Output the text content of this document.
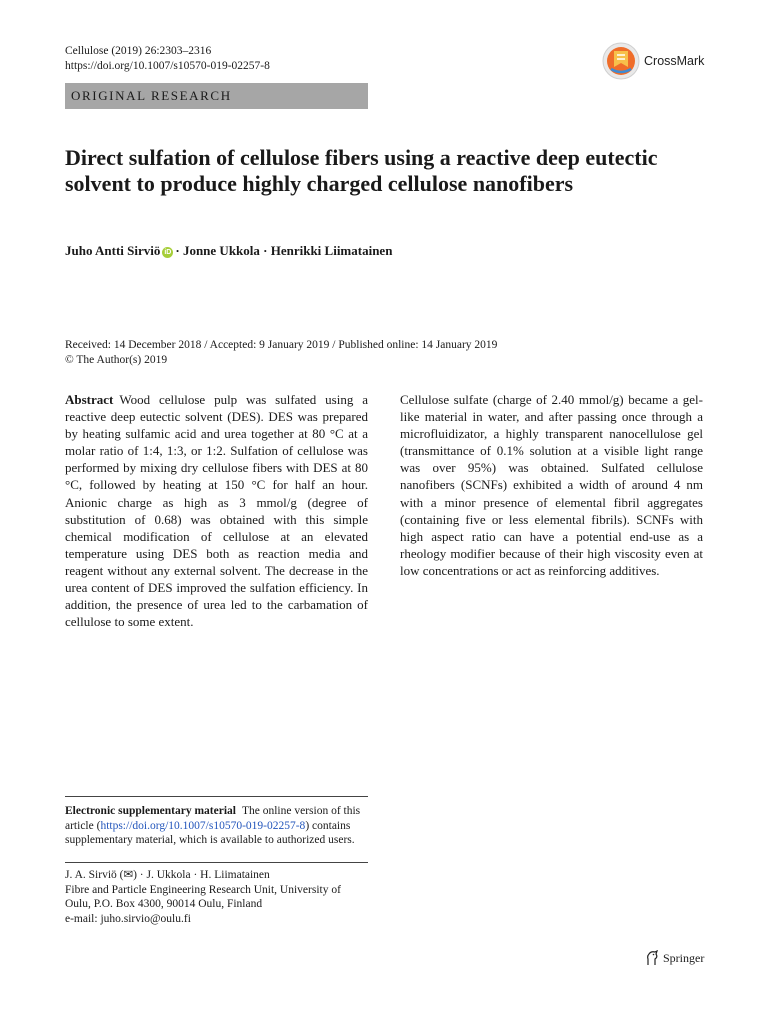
Cellulose (2019) 26:2303–2316
https://doi.org/10.1007/s10570-019-02257-8	CrossMark
ORIGINAL RESEARCH
Direct sulfation of cellulose fibers using a reactive deep eutectic solvent to produce highly charged cellulose nanofibers
Juho Antti Sirviö iD · Jonne Ukkola · Henrikki Liimatainen
Received: 14 December 2018 / Accepted: 9 January 2019 / Published online: 14 January 2019
© The Author(s) 2019
Abstract Wood cellulose pulp was sulfated using a reactive deep eutectic solvent (DES). DES was prepared by heating sulfamic acid and urea together at 80 °C at a molar ratio of 1:4, 1:3, or 1:2. Sulfation of cellulose was performed by mixing dry cellulose fibers with DES at 80 °C, followed by heating at 150 °C for half an hour. Anionic charge as high as 3 mmol/g (degree of substitution of 0.68) was obtained with this simple chemical modification of cellulose at an elevated temperature using DES both as reaction media and reagent without any external solvent. The decrease in the urea content of DES improved the sulfation efficiency. In addition, the presence of urea led to the carbamation of cellulose to some extent.
Cellulose sulfate (charge of 2.40 mmol/g) became a gel-like material in water, and after passing once through a microfluidizator, a highly transparent nanocellulose gel (transmittance of 0.1% solution at a visible light range was over 95%) was obtained. Sulfated cellulose nanofibers (SCNFs) exhibited a width of around 4 nm with a minor presence of elemental fibril aggregates (containing five or less elemental fibrils). SCNFs with high aspect ratio can have a potential end-use as a rheology modifier because of their high viscosity even at low concentrations or act as reinforcing additives.
Electronic supplementary material The online version of this article (https://doi.org/10.1007/s10570-019-02257-8) contains supplementary material, which is available to authorized users.
J. A. Sirviö (✉) · J. Ukkola · H. Liimatainen
Fibre and Particle Engineering Research Unit, University of Oulu, P.O. Box 4300, 90014 Oulu, Finland
e-mail: juho.sirvio@oulu.fi
Springer
